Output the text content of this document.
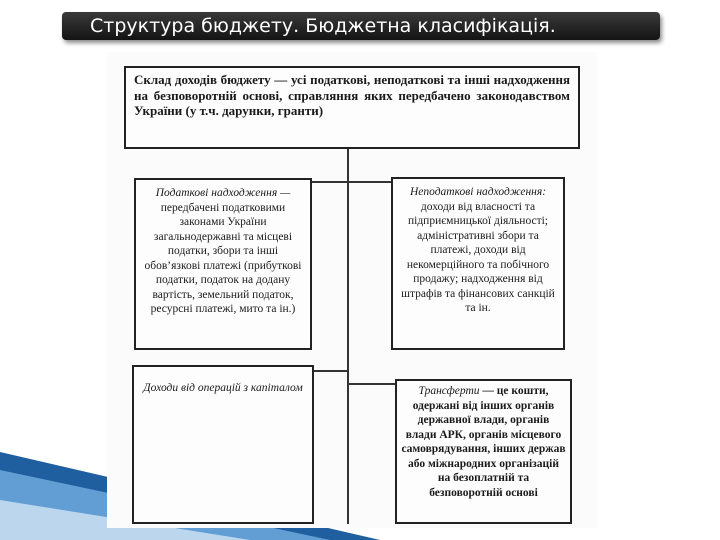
Структура бюджету. Бюджетна класифікація.

Склад доходів бюджету — усі податкові, неподаткові та інші надходження на безповоротній основі, справляння яких передбачено законодавством України (у т.ч. дарунки, гранти)

Податкові надходження —

передбачені податковими законами України загальнодержавні та місцеві податки, збори та інші обов’язкові платежі (прибуткові податки, податок на додану вартість, земельний податок, ресурсні платежі, мито та ін.)

Неподаткові надходження:

доходи від власності та підприємницької діяльності; адміністративні збори та платежі, доходи від некомерційного та побічного продажу; надходження від штрафів та фінансових санкцій та ін.

Доходи від операцій з капіталом	Трансферти — це кошти, одержані від інших органів державної влади, органів влади АРК, органів місцевого самоврядування, інших держав або міжнародних організацій на безоплатній та безповоротній основі
